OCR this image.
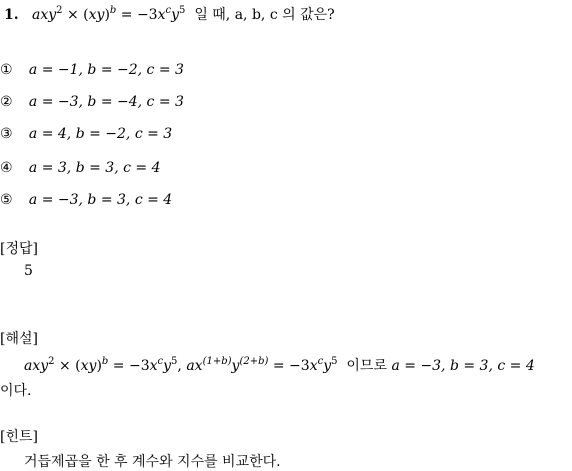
1. $axy^2 \times (xy)^b = -3x^cy^5$ 일 때, a, b, c 의 값은?
① a = −1, b = −2, c = 3
② a = −3, b = −4, c = 3
③ a = 4, b = −2, c = 3
④ a = 3, b = 3, c = 4
⑤ a = −3, b = 3, c = 4
[정답]
5
[해설]
$axy^2 \times (xy)^b = -3x^cy^5$, $ax^{(1+b)}y^{(2+b)} = -3x^cy^5$ 이므로 a = −3, b = 3, c = 4
이다.
[힌트]
거듭제곱을 한 후 계수와 지수를 비교한다.
